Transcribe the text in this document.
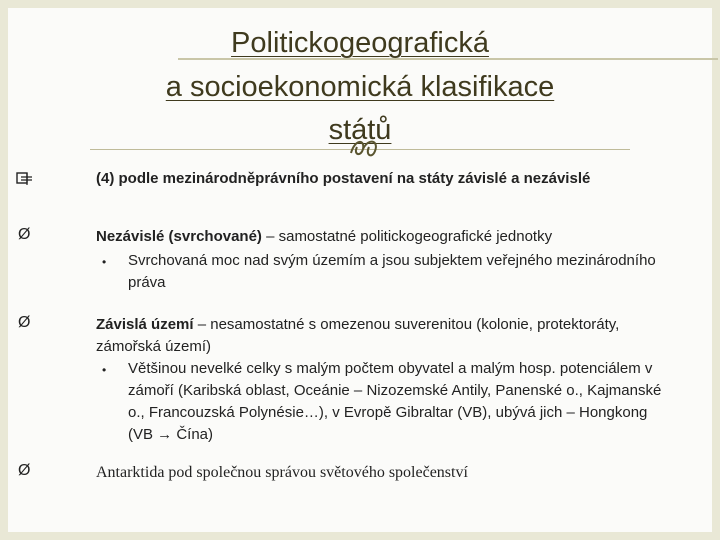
Politickogeografická
a socioekonomická klasifikace
států
(4) podle mezinárodněprávního postavení na státy závislé a nezávislé
Ø	Nezávislé (svrchované) – samostatné politickogeografické jednotky
• Svrchovaná moc nad svým územím a jsou subjektem veřejného mezinárodního práva
Ø	Závislá území – nesamostatné s omezenou suverenitou (kolonie, protektoráty, zámořská území)
• Většinou nevelké celky s malým počtem obyvatel a malým hosp. potenciálem v zámoří (Karibská oblast, Oceánie – Nizozemské Antily, Panenské o., Kajmanské o., Francouzská Polynésie…), v Evropě Gibraltar (VB), ubývá jich – Hongkong (VB → Čína)
Ø	Antarktida pod společnou správou světového společenství
